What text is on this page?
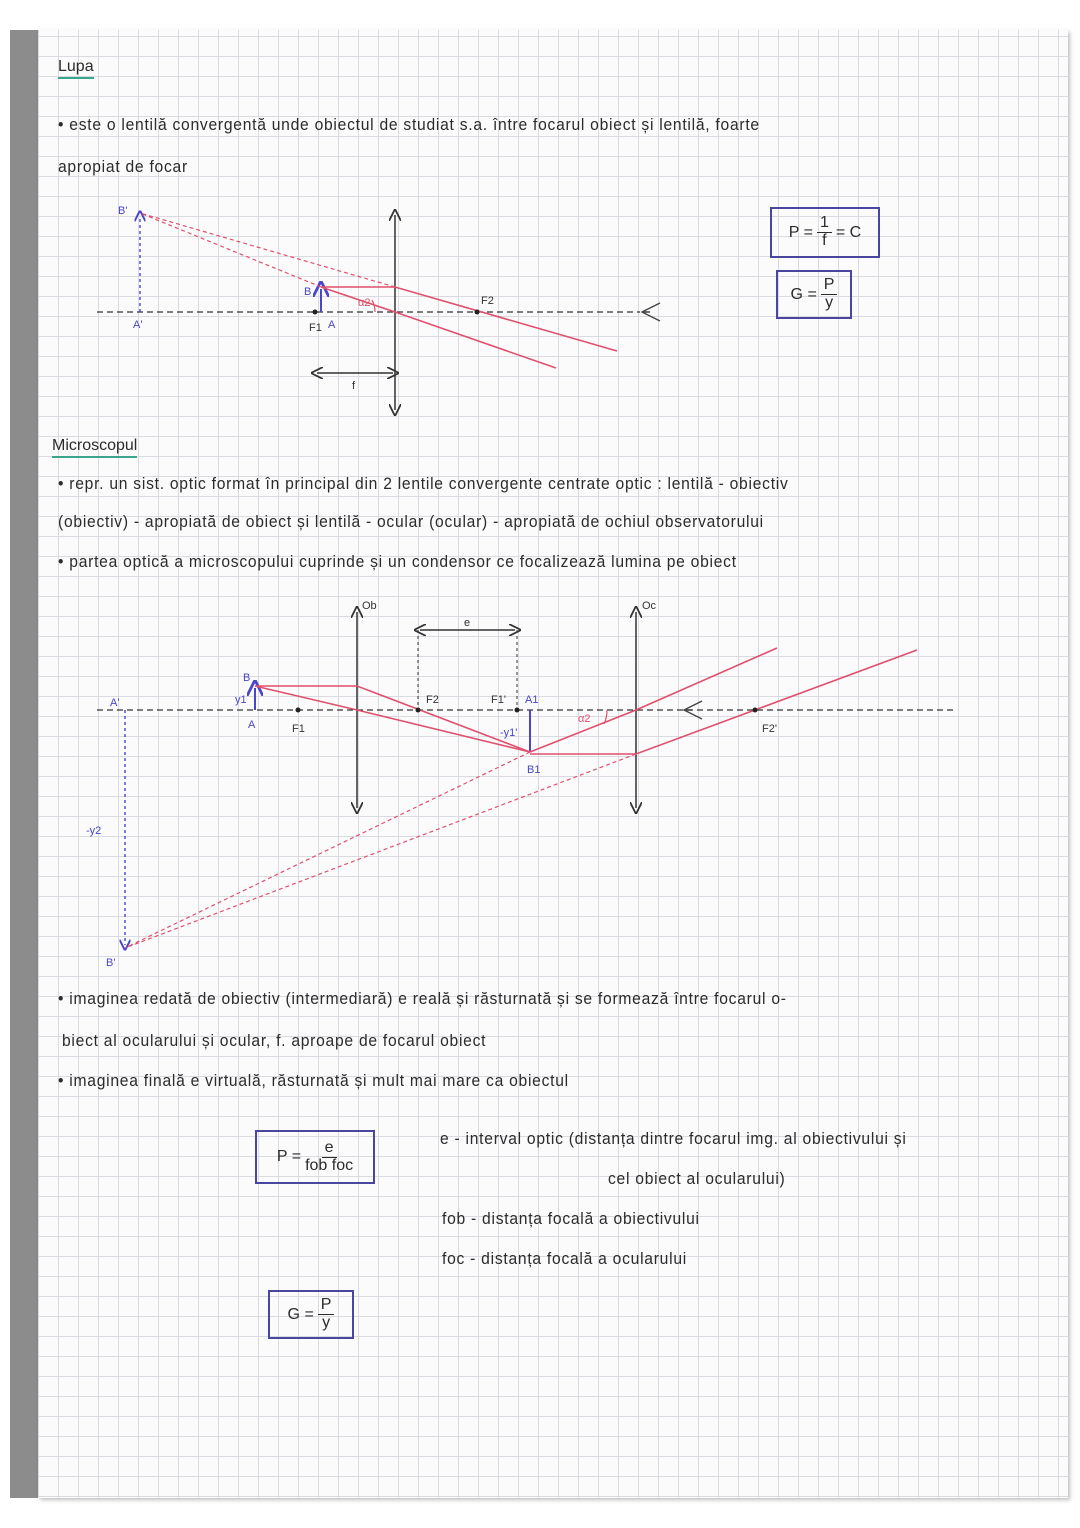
Lupa
• este o lentilă convergentă unde obiectul de studiat s.a. între focarul obiect și lentilă, foarte
apropiat de focar
$P = \frac{1}{f} = C$
$G = \frac{P}{y}$
B'
A'
B
A
F1
F2
f
α2
Ob	Oc
e
A'
B'
B
y1
A	F1
F2	F1' A1
-y1'
B1
F2'
-y2
α2
Microscopul
• repr. un sist. optic format în principal din 2 lentile convergente centrate optic : lentilă - obiectiv
(obiectiv) - apropiată de obiect și lentilă - ocular (ocular) - apropiată de ochiul observatorului
• partea optică a microscopului cuprinde și un condensor ce focalizează lumina pe obiect
• imaginea redată de obiectiv (intermediară) e reală și răsturnată și se formează între focarul o-
biect al ocularului și ocular, f. aproape de focarul obiect
• imaginea finală e virtuală, răsturnată și mult mai mare ca obiectul
$P = \frac{e}{\text{fob foc}}$
$G = \frac{P}{y}$
e - interval optic (distanța dintre focarul img. al obiectivului și
cel obiect al ocularului)
fob - distanța focală a obiectivului
foc - distanța focală a ocularului
